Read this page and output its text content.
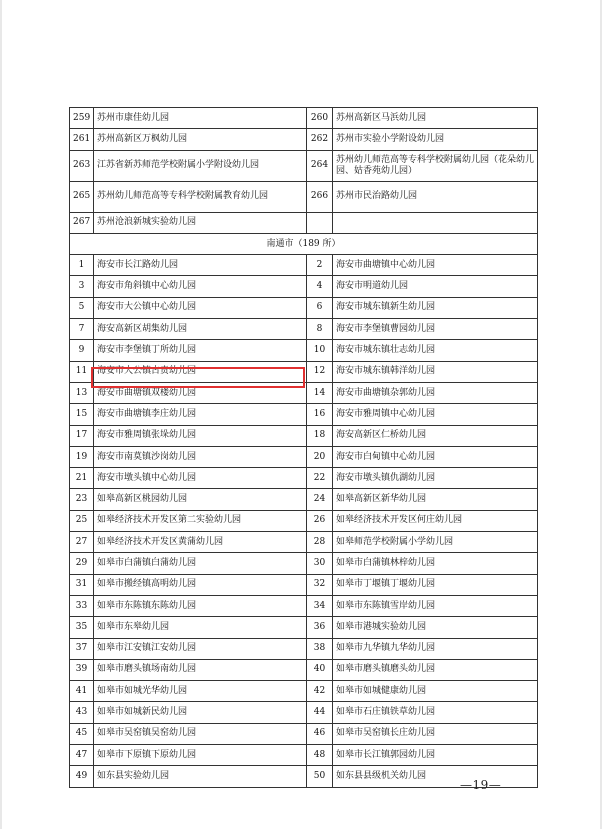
259	苏州市康佳幼儿园	260	苏州高新区马浜幼儿园
261	苏州高新区万枫幼儿园	262	苏州市实验小学附设幼儿园
263	江苏省新苏师范学校附属小学附设幼儿园	264	苏州幼儿师范高等专科学校附属幼儿园（花朵幼儿园、姑香苑幼儿园）
265	苏州幼儿师范高等专科学校附属教育幼儿园	266	苏州市民治路幼儿园
267	苏州沧浪新城实验幼儿园		
南通市（189 所）			
1	海安市长江路幼儿园	2	海安市曲塘镇中心幼儿园
3	海安市角斜镇中心幼儿园	4	海安市明道幼儿园
5	海安市大公镇中心幼儿园	6	海安市城东镇新生幼儿园
7	海安高新区胡集幼儿园	8	海安市李堡镇曹园幼儿园
9	海安市李堡镇丁所幼儿园	10	海安市城东镇壮志幼儿园
11	海安市大公镇古贲幼儿园	12	海安市城东镇韩洋幼儿园
13	海安市曲塘镇双楼幼儿园	14	海安市曲塘镇杂郭幼儿园
15	海安市曲塘镇李庄幼儿园	16	海安市雅周镇中心幼儿园
17	海安市雅周镇张垛幼儿园	18	海安高新区仁桥幼儿园
19	海安市南莫镇沙岗幼儿园	20	海安市白甸镇中心幼儿园
21	海安市墩头镇中心幼儿园	22	海安市墩头镇仇湖幼儿园
23	如皋高新区桃园幼儿园	24	如皋高新区新华幼儿园
25	如皋经济技术开发区第二实验幼儿园	26	如皋经济技术开发区何庄幼儿园
27	如皋经济技术开发区黄蒲幼儿园	28	如皋师范学校附属小学幼儿园
29	如皋市白蒲镇白蒲幼儿园	30	如皋市白蒲镇林梓幼儿园
31	如皋市搬经镇高明幼儿园	32	如皋市丁堰镇丁堰幼儿园
33	如皋市东陈镇东陈幼儿园	34	如皋市东陈镇雪岸幼儿园
35	如皋市东皋幼儿园	36	如皋市港城实验幼儿园
37	如皋市江安镇江安幼儿园	38	如皋市九华镇九华幼儿园
39	如皋市磨头镇场南幼儿园	40	如皋市磨头镇磨头幼儿园
41	如皋市如城光华幼儿园	42	如皋市如城健康幼儿园
43	如皋市如城新民幼儿园	44	如皋市石庄镇铁草幼儿园
45	如皋市吴窑镇吴窑幼儿园	46	如皋市吴窑镇长庄幼儿园
47	如皋市下原镇下原幼儿园	48	如皋市长江镇郭园幼儿园
49	如东县实验幼儿园	50	如东县县级机关幼儿园
—19—
